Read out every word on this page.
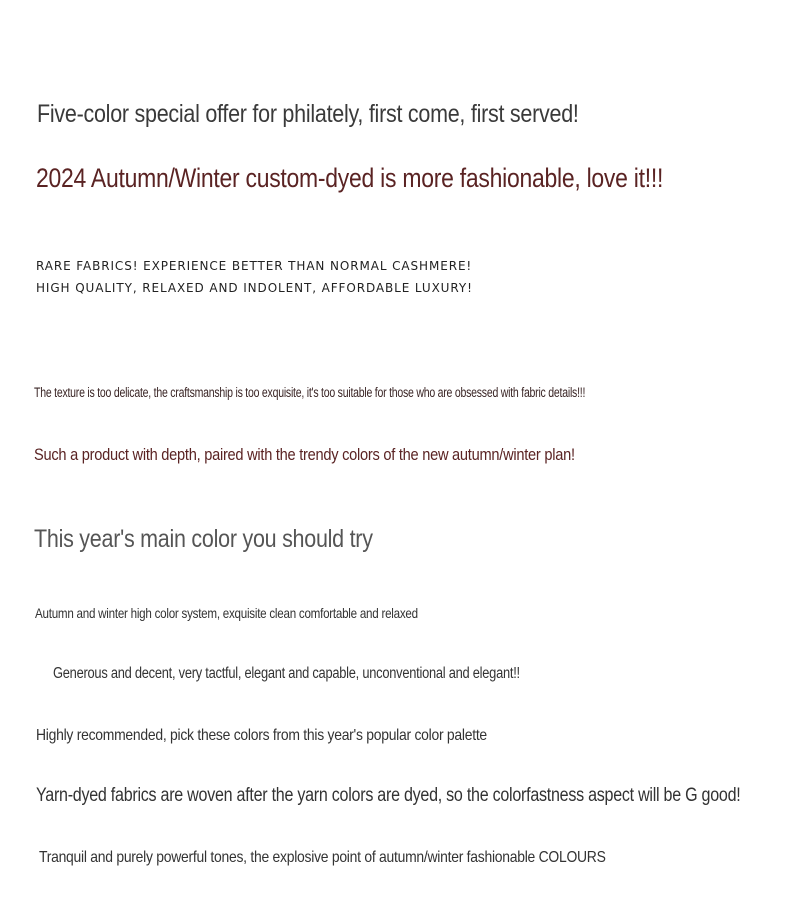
Five-color special offer for philately, first come, first served!

2024 Autumn/Winter custom-dyed is more fashionable, love it!!!

RARE FABRICS! EXPERIENCE BETTER THAN NORMAL CASHMERE!

HIGH QUALITY, RELAXED AND INDOLENT, AFFORDABLE LUXURY!

The texture is too delicate, the craftsmanship is too exquisite, it's too suitable for those who are obsessed with fabric details!!!

Such a product with depth, paired with the trendy colors of the new autumn/winter plan!

This year's main color you should try

Autumn and winter high color system, exquisite clean comfortable and relaxed

Generous and decent, very tactful, elegant and capable, unconventional and elegant!!

Highly recommended, pick these colors from this year's popular color palette

Yarn-dyed fabrics are woven after the yarn colors are dyed, so the colorfastness aspect will be G good!

Tranquil and purely powerful tones, the explosive point of autumn/winter fashionable COLOURS
